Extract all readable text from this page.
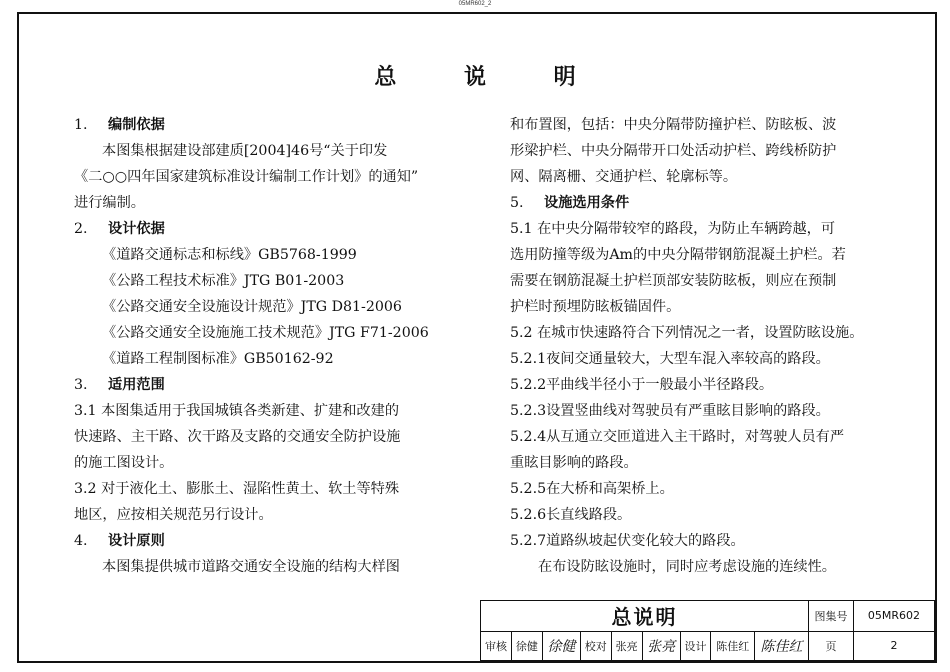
05MR602_2
总 说 明
1. 编制依据
本图集根据建设部建质[2004]46号“关于印发
《二○○四年国家建筑标准设计编制工作计划》的通知”
进行编制。
2. 设计依据
《道路交通标志和标线》GB5768-1999
《公路工程技术标准》JTG B01-2003
《公路交通安全设施设计规范》JTG D81-2006
《公路交通安全设施施工技术规范》JTG F71-2006
《道路工程制图标准》GB50162-92
3. 适用范围
3.1 本图集适用于我国城镇各类新建、扩建和改建的
快速路、主干路、次干路及支路的交通安全防护设施
的施工图设计。
3.2 对于液化土、膨胀土、湿陷性黄土、软土等特殊
地区，应按相关规范另行设计。
4. 设计原则
本图集提供城市道路交通安全设施的结构大样图
和布置图，包括：中央分隔带防撞护栏、防眩板、波
形梁护栏、中央分隔带开口处活动护栏、跨线桥防护
网、隔离栅、交通护栏、轮廓标等。
5. 设施选用条件
5.1 在中央分隔带较窄的路段，为防止车辆跨越，可
选用防撞等级为Am的中央分隔带钢筋混凝土护栏。若
需要在钢筋混凝土护栏顶部安装防眩板，则应在预制
护栏时预埋防眩板锚固件。
5.2 在城市快速路符合下列情况之一者，设置防眩设施。
5.2.1夜间交通量较大，大型车混入率较高的路段。
5.2.2平曲线半径小于一般最小半径路段。
5.2.3设置竖曲线对驾驶员有严重眩目影响的路段。
5.2.4从互通立交匝道进入主干路时，对驾驶人员有严
重眩目影响的路段。
5.2.5在大桥和高架桥上。
5.2.6长直线路段。
5.2.7道路纵坡起伏变化较大的路段。
在布设防眩设施时，同时应考虑设施的连续性。
总说明									图集号	05MR602
审核	徐健	徐健	校对	张亮	张亮	设计	陈佳红	陈佳红	页	2
